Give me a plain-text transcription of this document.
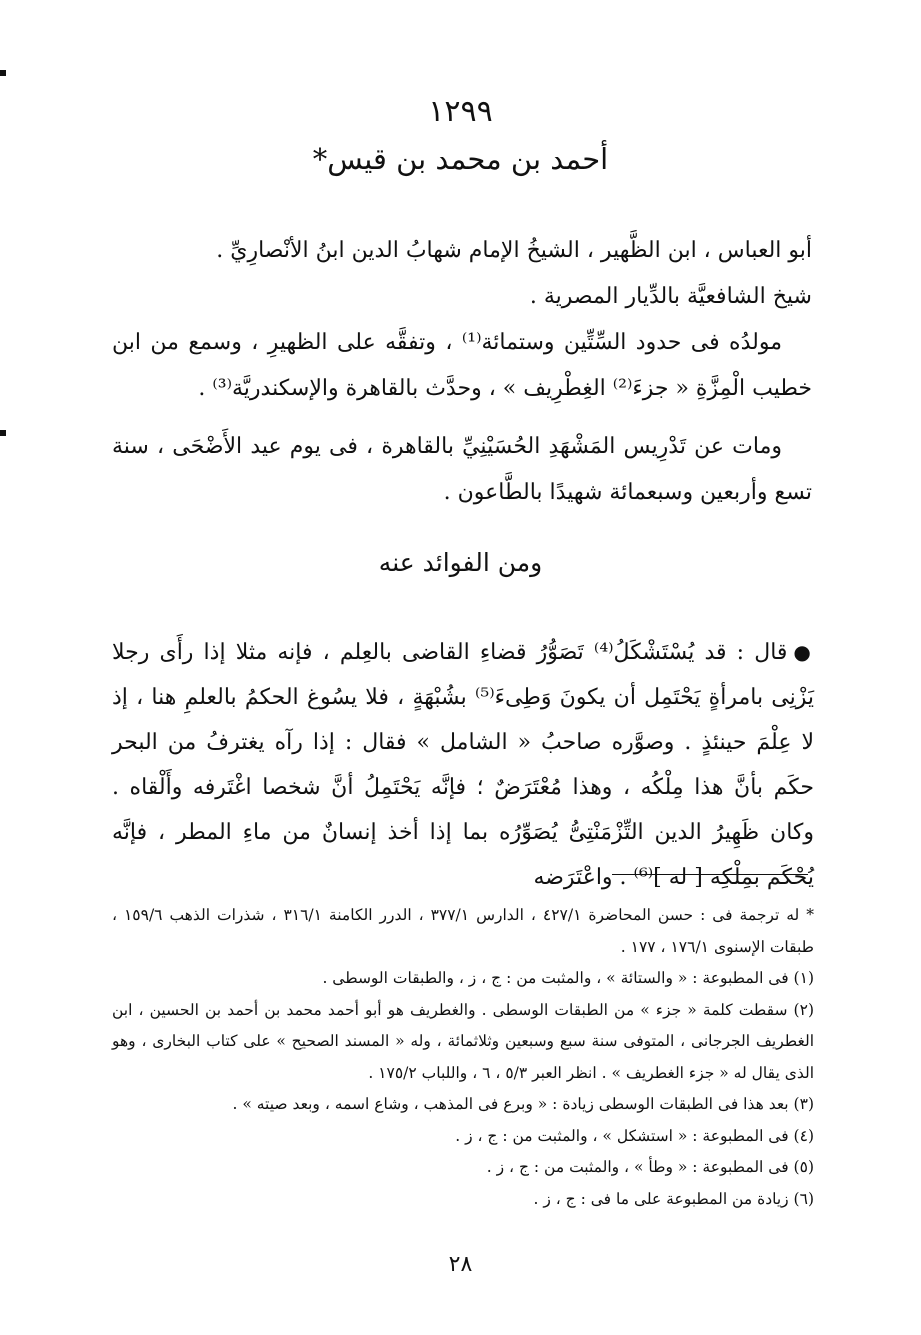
١٢٩٩
أحمد بن محمد بن قيس*

أبو العباس ، ابن الظَّهير ، الشيخُ الإمام شهابُ الدين ابنُ الأنْصارِيِّ .

شيخ الشافعيَّة بالدِّيار المصرية .

مولدُه فى حدود السِّتِّين وستمائة⁽¹⁾ ، وتفقَّه على الظهيرِ ، وسمع من ابن خطيب الْمِزَّةِ « جزءَ⁽²⁾ الغِطْرِيف » ، وحدَّث بالقاهرة والإسكندريَّة⁽³⁾ .

ومات عن تَدْرِيس المَشْهَدِ الحُسَيْنِيِّ بالقاهرة ، فى يوم عيد الأَضْحَى ، سنة تسع وأربعين وسبعمائة شهيدًا بالطَّاعون .

ومن الفوائد عنه

●قال : قد يُسْتَشْكَلُ⁽⁴⁾ تَصَوُّرُ قضاءِ القاضى بالعِلم ، فإنه مثلا إذا رأَى رجلا يَزْنِى بامرأةٍ يَحْتَمِل أن يكونَ وَطِىءَ⁽⁵⁾ بشُبْهَةٍ ، فلا يسُوغ الحكمُ بالعلمِ هنا ، إذ لا عِلْمَ حينئذٍ . وصوَّره صاحبُ « الشامل » فقال : إذا رآه يغترفُ من البحر حكَم بأنَّ هذا مِلْكُه ، وهذا مُعْتَرَضٌ ؛ فإنَّه يَحْتَمِلُ أنَّ شخصا اغْتَرفه وأَلْقاه . وكان ظَهِيرُ الدين التِّزْمَنْتِىُّ يُصَوِّرُه بما إذا أخذ إنسانٌ من ماءِ المطر ، فإنَّه يُحْكَم بمِلْكِه [ له ]⁽⁶⁾ . واعْتَرَضه

* له ترجمة فى : حسن المحاضرة ٤٢٧/١ ، الدارس ٣٧٧/١ ، الدرر الكامنة ٣١٦/١ ، شذرات الذهب ١٥٩/٦ ، طبقات الإسنوى ١٧٦/١ ، ١٧٧ .

(١) فى المطبوعة : « والستائة » ، والمثبت من : ج ، ز ، والطبقات الوسطى .

(٢) سقطت كلمة « جزء » من الطبقات الوسطى . والغطريف هو أبو أحمد محمد بن أحمد بن الحسين ، ابن الغطريف الجرجانى ، المتوفى سنة سبع وسبعين وثلاثمائة ، وله « المسند الصحيح » على كتاب البخارى ، وهو الذى يقال له « جزء الغطريف » . انظر العبر ٥/٣ ، ٦ ، واللباب ١٧٥/٢ .

(٣) بعد هذا فى الطبقات الوسطى زيادة : « وبرع فى المذهب ، وشاع اسمه ، وبعد صيته » .

(٤) فى المطبوعة : « استشكل » ، والمثبت من : ج ، ز .

(٥) فى المطبوعة : « وطأ » ، والمثبت من : ج ، ز .

(٦) زيادة من المطبوعة على ما فى : ج ، ز .

٢٨
